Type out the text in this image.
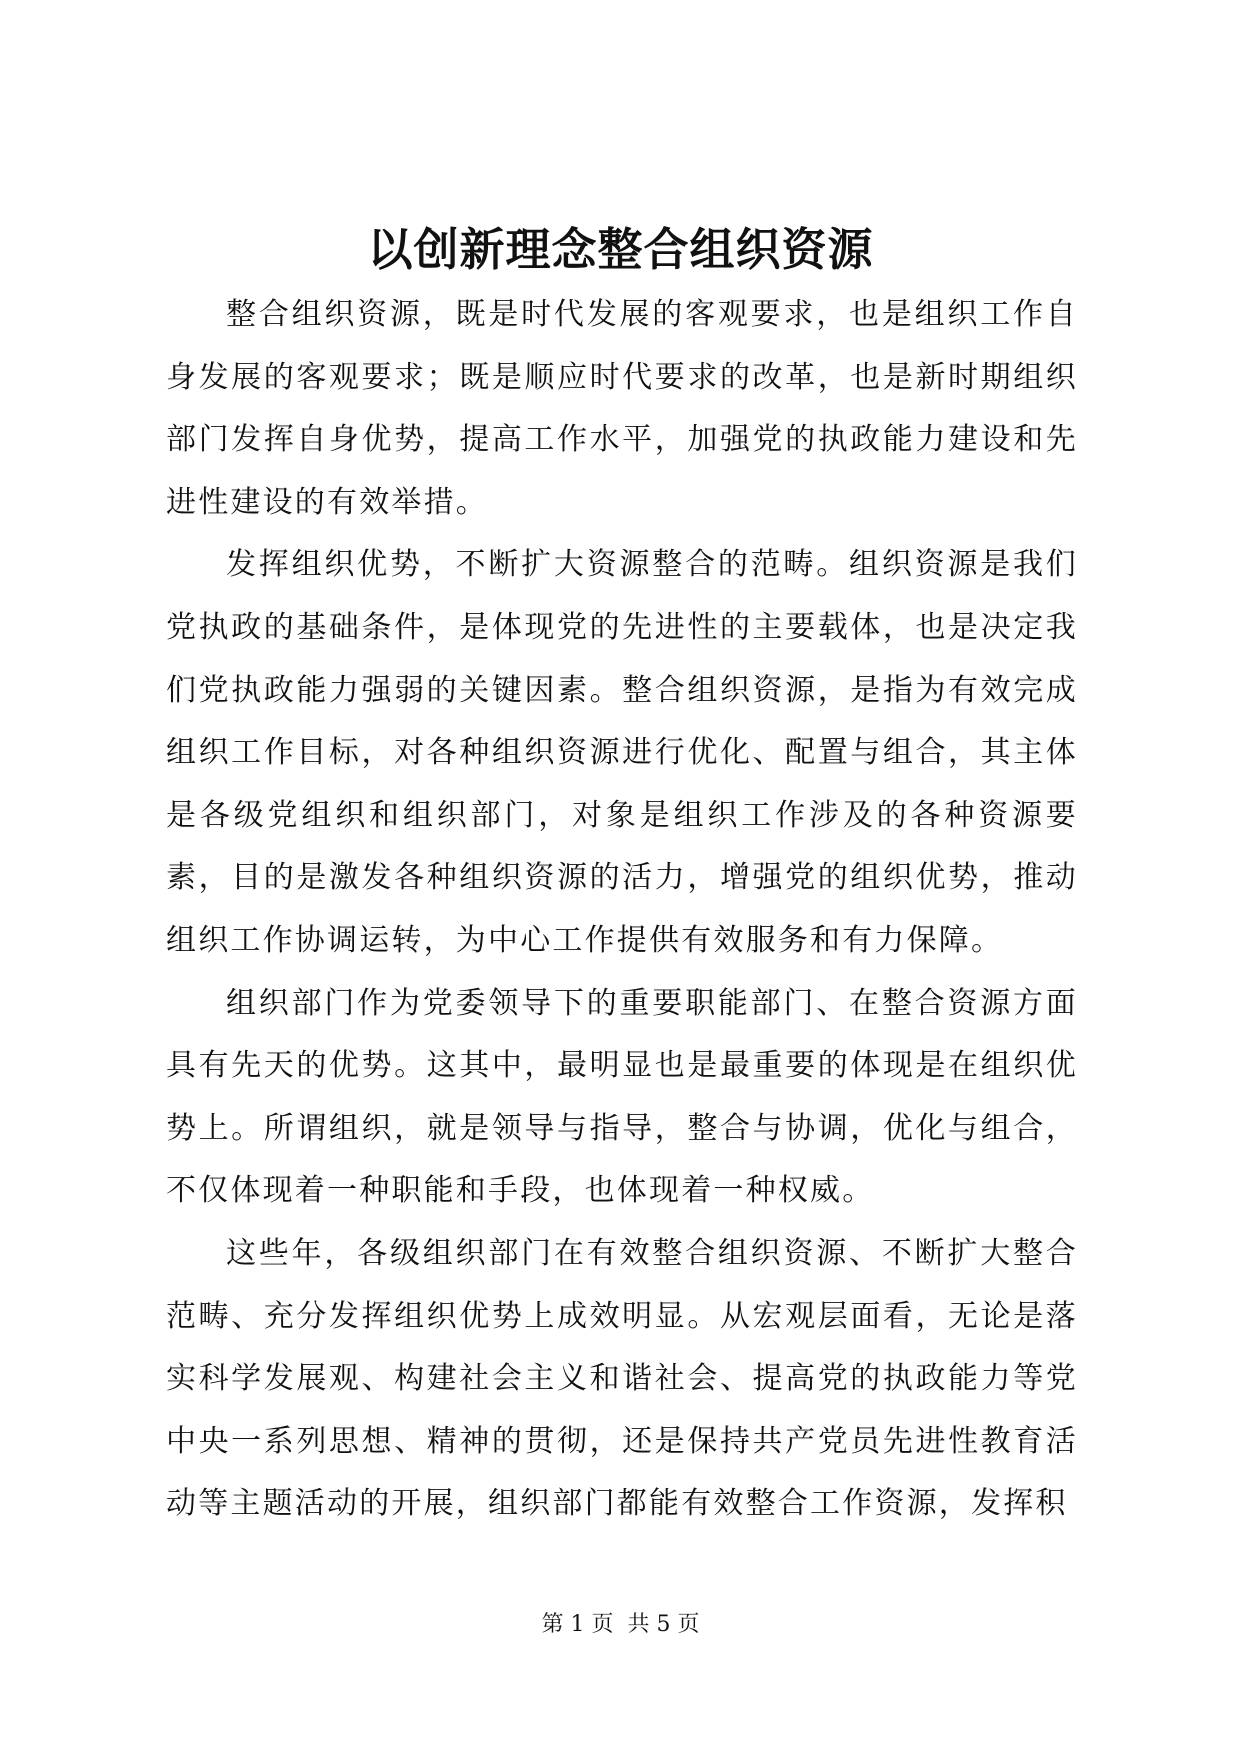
以创新理念整合组织资源

整合组织资源，既是时代发展的客观要求，也是组织工作自身发展的客观要求；既是顺应时代要求的改革，也是新时期组织部门发挥自身优势，提高工作水平，加强党的执政能力建设和先进性建设的有效举措。

发挥组织优势，不断扩大资源整合的范畴。组织资源是我们党执政的基础条件，是体现党的先进性的主要载体，也是决定我们党执政能力强弱的关键因素。整合组织资源，是指为有效完成组织工作目标，对各种组织资源进行优化、配置与组合，其主体是各级党组织和组织部门，对象是组织工作涉及的各种资源要素，目的是激发各种组织资源的活力，增强党的组织优势，推动组织工作协调运转，为中心工作提供有效服务和有力保障。

组织部门作为党委领导下的重要职能部门、在整合资源方面具有先天的优势。这其中，最明显也是最重要的体现是在组织优势上。所谓组织，就是领导与指导，整合与协调，优化与组合，不仅体现着一种职能和手段，也体现着一种权威。

这些年，各级组织部门在有效整合组织资源、不断扩大整合范畴、充分发挥组织优势上成效明显。从宏观层面看，无论是落实科学发展观、构建社会主义和谐社会、提高党的执政能力等党中央一系列思想、精神的贯彻，还是保持共产党员先进性教育活动等主题活动的开展，组织部门都能有效整合工作资源，发挥积

第 1 页  共 5 页
